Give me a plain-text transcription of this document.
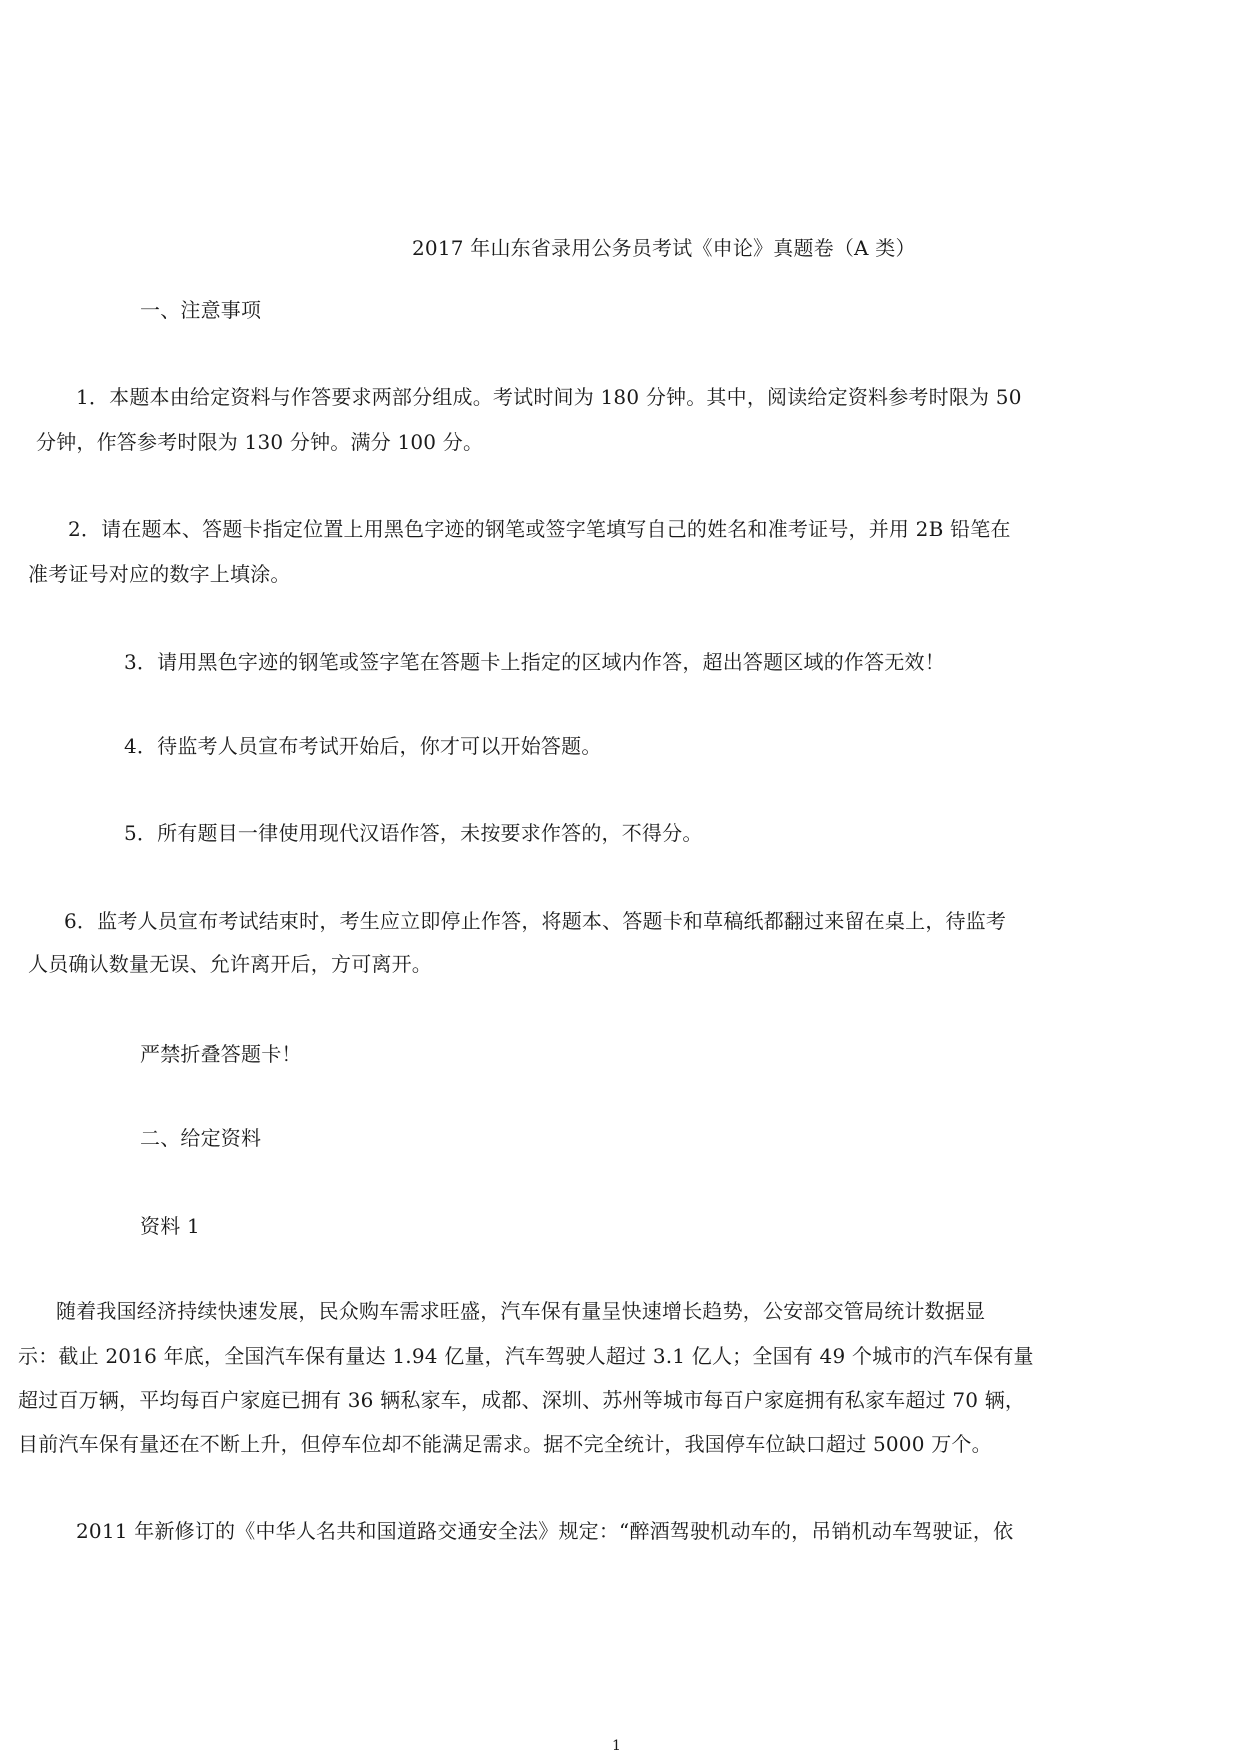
2017 年山东省录用公务员考试《申论》真题卷（A 类）
一、注意事项
1．本题本由给定资料与作答要求两部分组成。考试时间为 180 分钟。其中，阅读给定资料参考时限为 50
分钟，作答参考时限为 130 分钟。满分 100 分。
2．请在题本、答题卡指定位置上用黑色字迹的钢笔或签字笔填写自己的姓名和准考证号，并用 2B 铅笔在
准考证号对应的数字上填涂。
3．请用黑色字迹的钢笔或签字笔在答题卡上指定的区域内作答，超出答题区域的作答无效！
4．待监考人员宣布考试开始后，你才可以开始答题。
5．所有题目一律使用现代汉语作答，未按要求作答的，不得分。
6．监考人员宣布考试结束时，考生应立即停止作答，将题本、答题卡和草稿纸都翻过来留在桌上，待监考
人员确认数量无误、允许离开后，方可离开。
严禁折叠答题卡！
二、给定资料
资料 1
随着我国经济持续快速发展，民众购车需求旺盛，汽车保有量呈快速增长趋势，公安部交管局统计数据显
示：截止 2016 年底，全国汽车保有量达 1.94 亿量，汽车驾驶人超过 3.1 亿人；全国有 49 个城市的汽车保有量
超过百万辆，平均每百户家庭已拥有 36 辆私家车，成都、深圳、苏州等城市每百户家庭拥有私家车超过 70 辆，
目前汽车保有量还在不断上升，但停车位却不能满足需求。据不完全统计，我国停车位缺口超过 5000 万个。
2011 年新修订的《中华人名共和国道路交通安全法》规定：“醉酒驾驶机动车的，吊销机动车驾驶证，依
1
